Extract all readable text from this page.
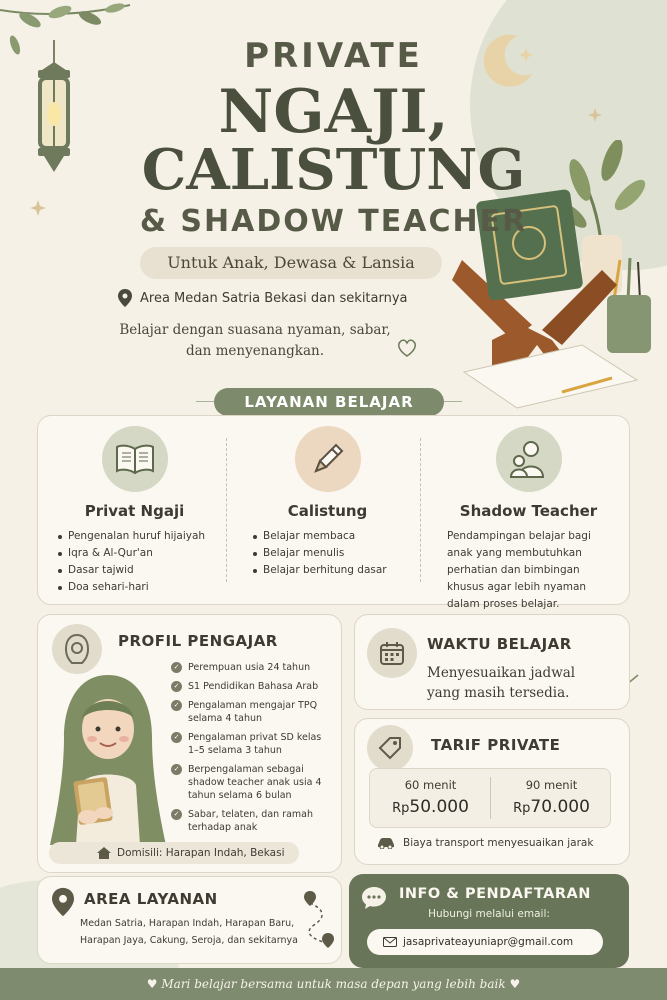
PRIVATE
NGAJI,
CALISTUNG
& SHADOW TEACHER
Untuk Anak, Dewasa & Lansia
Area Medan Satria Bekasi dan sekitarnya
Belajar dengan suasana nyaman, sabar,
dan menyenangkan.
LAYANAN BELAJAR
Privat Ngaji
Pengenalan huruf hijaiyah
Iqra & Al-Qur'an
Dasar tajwid
Doa sehari-hari
Calistung
Belajar membaca
Belajar menulis
Belajar berhitung dasar
Shadow Teacher
Pendampingan belajar bagi anak yang membutuhkan perhatian dan bimbingan khusus agar lebih nyaman dalam proses belajar.
PROFIL PENGAJAR
✓ Perempuan usia 24 tahun
✓ S1 Pendidikan Bahasa Arab
✓ Pengalaman mengajar TPQ selama 4 tahun
✓ Pengalaman privat SD kelas 1–5 selama 3 tahun
✓ Berpengalaman sebagai shadow teacher anak usia 4 tahun selama 6 bulan
✓ Sabar, telaten, dan ramah terhadap anak
Domisili: Harapan Indah, Bekasi
WAKTU BELAJAR
Menyesuaikan jadwal
yang masih tersedia.
TARIF PRIVATE
Biaya transport menyesuaikan jarak
60 menit
Rp50.000
90 menit
Rp70.000
AREA LAYANAN
Medan Satria, Harapan Indah, Harapan Baru,
Harapan Jaya, Cakung, Seroja, dan sekitarnya
INFO & PENDAFTARAN
Hubungi melalui email:
jasaprivateayuniapr@gmail.com
♥ Mari belajar bersama untuk masa depan yang lebih baik ♥
